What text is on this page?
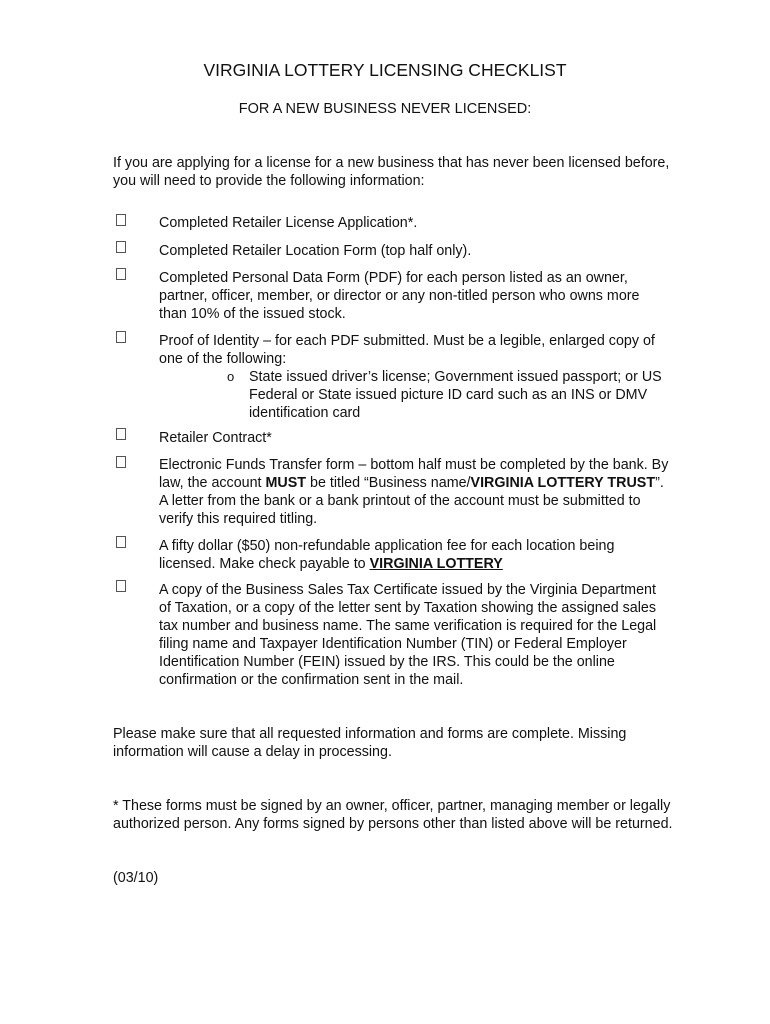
VIRGINIA LOTTERY LICENSING CHECKLIST
FOR A NEW BUSINESS NEVER LICENSED:
If you are applying for a license for a new business that has never been licensed before, you will need to provide the following information:
Completed Retailer License Application*.
Completed Retailer Location Form (top half only).
Completed Personal Data Form (PDF) for each person listed as an owner, partner, officer, member, or director or any non-titled person who owns more than 10% of the issued stock.
Proof of Identity – for each PDF submitted. Must be a legible, enlarged copy of one of the following:
o State issued driver’s license; Government issued passport; or US Federal or State issued picture ID card such as an INS or DMV identification card
Retailer Contract*
Electronic Funds Transfer form – bottom half must be completed by the bank. By law, the account MUST be titled “Business name/VIRGINIA LOTTERY TRUST”. A letter from the bank or a bank printout of the account must be submitted to verify this required titling.
A fifty dollar ($50) non-refundable application fee for each location being licensed. Make check payable to VIRGINIA LOTTERY
A copy of the Business Sales Tax Certificate issued by the Virginia Department of Taxation, or a copy of the letter sent by Taxation showing the assigned sales tax number and business name. The same verification is required for the Legal filing name and Taxpayer Identification Number (TIN) or Federal Employer Identification Number (FEIN) issued by the IRS. This could be the online confirmation or the confirmation sent in the mail.
Please make sure that all requested information and forms are complete. Missing information will cause a delay in processing.
* These forms must be signed by an owner, officer, partner, managing member or legally authorized person. Any forms signed by persons other than listed above will be returned.
(03/10)
